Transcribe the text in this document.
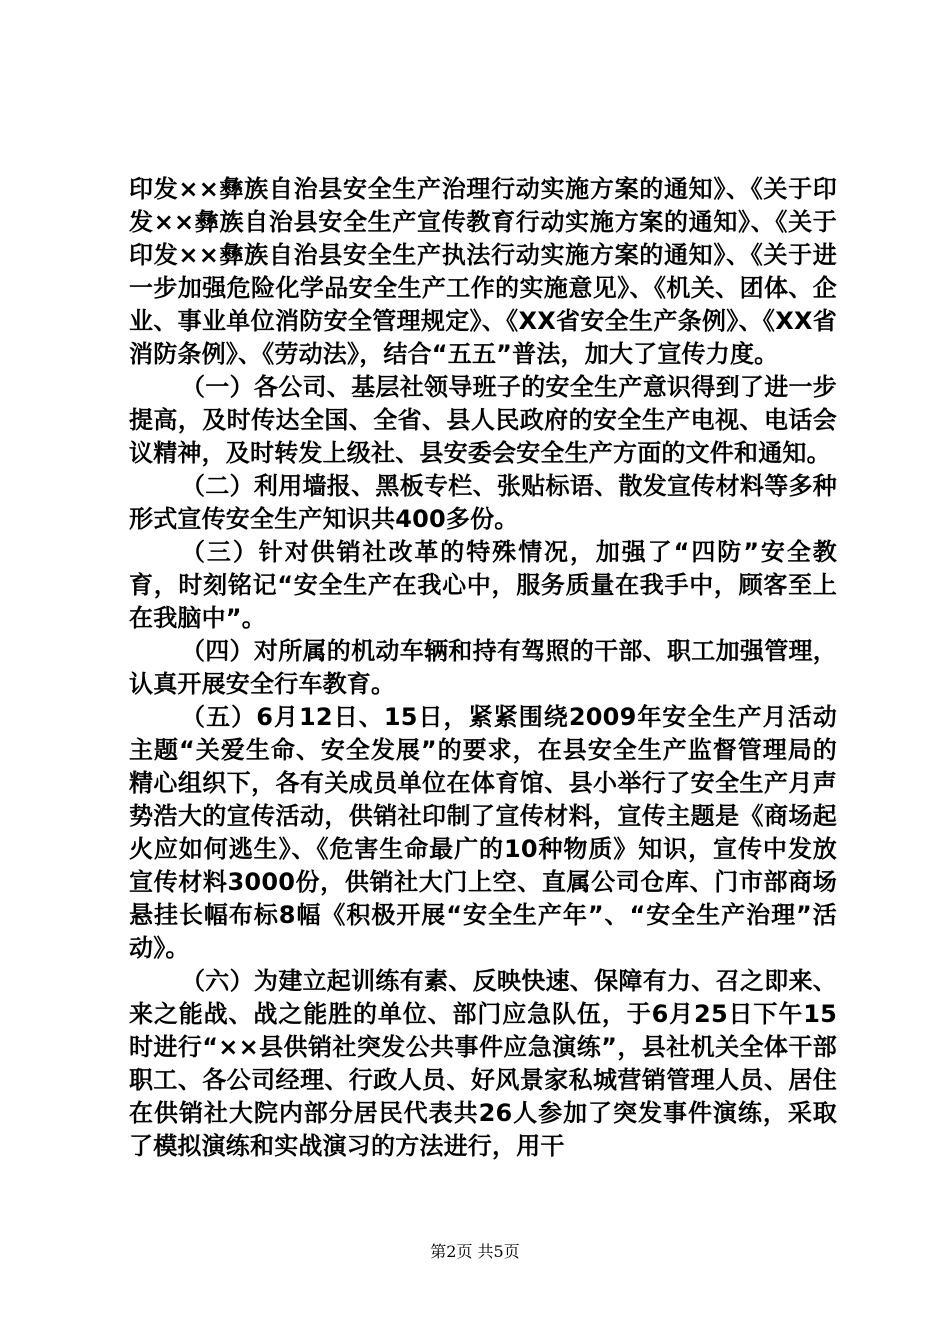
印发××彝族自治县安全生产治理行动实施方案的通知》、《关于印发××彝族自治县安全生产宣传教育行动实施方案的通知》、《关于印发××彝族自治县安全生产执法行动实施方案的通知》、《关于进一步加强危险化学品安全生产工作的实施意见》、《机关、团体、企业、事业单位消防安全管理规定》、《XX省安全生产条例》、《XX省消防条例》、《劳动法》，结合“五五”普法，加大了宣传力度。

（一）各公司、基层社领导班子的安全生产意识得到了进一步提高，及时传达全国、全省、县人民政府的安全生产电视、电话会议精神，及时转发上级社、县安委会安全生产方面的文件和通知。

（二）利用墙报、黑板专栏、张贴标语、散发宣传材料等多种形式宣传安全生产知识共400多份。

（三）针对供销社改革的特殊情况，加强了“四防”安全教育，时刻铭记“安全生产在我心中，服务质量在我手中，顾客至上在我脑中”。

（四）对所属的机动车辆和持有驾照的干部、职工加强管理，认真开展安全行车教育。

（五）6月12日、15日，紧紧围绕2009年安全生产月活动主题“关爱生命、安全发展”的要求，在县安全生产监督管理局的精心组织下，各有关成员单位在体育馆、县小举行了安全生产月声势浩大的宣传活动，供销社印制了宣传材料，宣传主题是《商场起火应如何逃生》、《危害生命最广的10种物质》知识，宣传中发放宣传材料3000份，供销社大门上空、直属公司仓库、门市部商场悬挂长幅布标8幅《积极开展“安全生产年”、“安全生产治理”活动》。

（六）为建立起训练有素、反映快速、保障有力、召之即来、来之能战、战之能胜的单位、部门应急队伍，于6月25日下午15时进行“××县供销社突发公共事件应急演练”，县社机关全体干部职工、各公司经理、行政人员、好风景家私城营销管理人员、居住在供销社大院内部分居民代表共26人参加了突发事件演练，采取了模拟演练和实战演习的方法进行，用干

第2页 共5页
